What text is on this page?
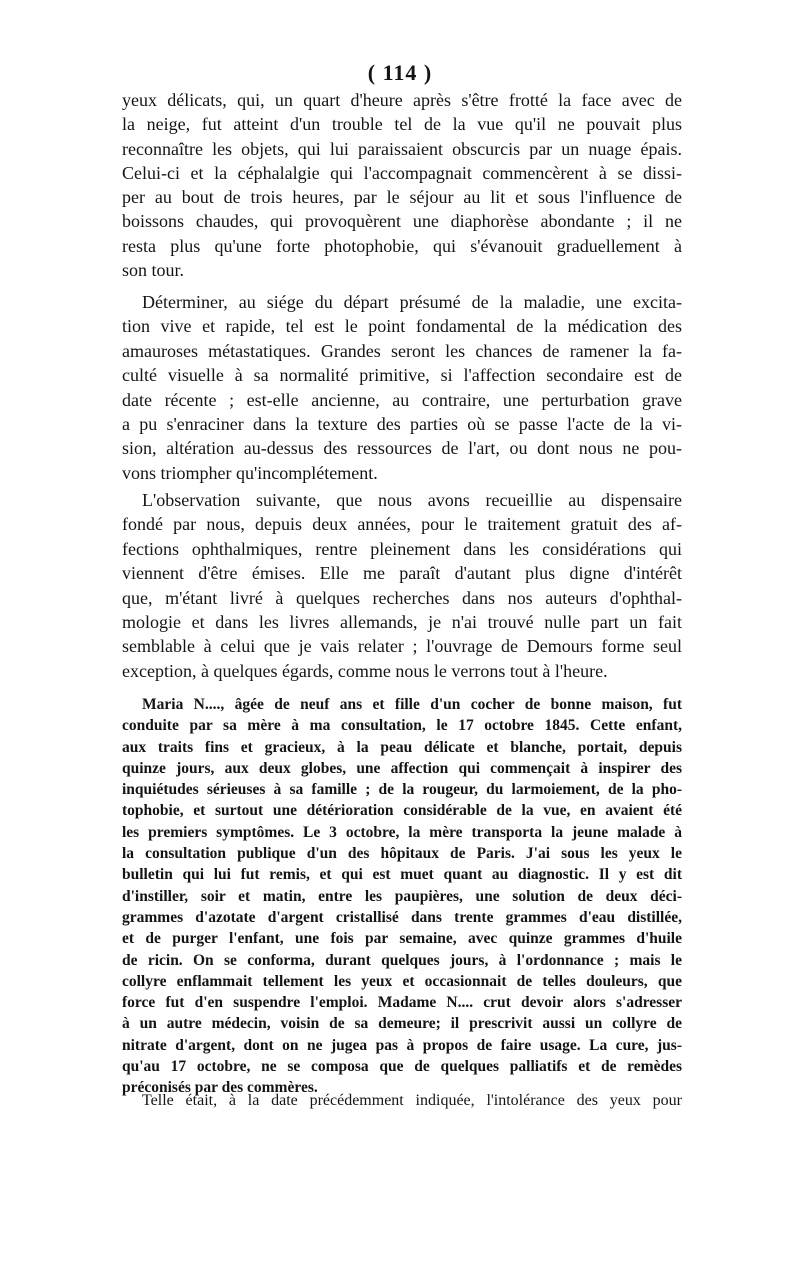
( 114 )
yeux délicats, qui, un quart d'heure après s'être frotté la face avec de
la neige, fut atteint d'un trouble tel de la vue qu'il ne pouvait plus
reconnaître les objets, qui lui paraissaient obscurcis par un nuage épais.
Celui-ci et la céphalalgie qui l'accompagnait commencèrent à se dissi-
per au bout de trois heures, par le séjour au lit et sous l'influence de
boissons chaudes, qui provoquèrent une diaphorèse abondante ; il ne
resta plus qu'une forte photophobie, qui s'évanouit graduellement à
son tour.
Déterminer, au siége du départ présumé de la maladie, une excita-
tion vive et rapide, tel est le point fondamental de la médication des
amauroses métastatiques. Grandes seront les chances de ramener la fa-
culté visuelle à sa normalité primitive, si l'affection secondaire est de
date récente ; est-elle ancienne, au contraire, une perturbation grave
a pu s'enraciner dans la texture des parties où se passe l'acte de la vi-
sion, altération au-dessus des ressources de l'art, ou dont nous ne pou-
vons triompher qu'incomplétement.
L'observation suivante, que nous avons recueillie au dispensaire
fondé par nous, depuis deux années, pour le traitement gratuit des af-
fections ophthalmiques, rentre pleinement dans les considérations qui
viennent d'être émises. Elle me paraît d'autant plus digne d'intérêt
que, m'étant livré à quelques recherches dans nos auteurs d'ophthal-
mologie et dans les livres allemands, je n'ai trouvé nulle part un fait
semblable à celui que je vais relater ; l'ouvrage de Demours forme seul
exception, à quelques égards, comme nous le verrons tout à l'heure.
Maria N...., âgée de neuf ans et fille d'un cocher de bonne maison, fut
conduite par sa mère à ma consultation, le 17 octobre 1845. Cette enfant,
aux traits fins et gracieux, à la peau délicate et blanche, portait, depuis
quinze jours, aux deux globes, une affection qui commençait à inspirer des
inquiétudes sérieuses à sa famille ; de la rougeur, du larmoiement, de la pho-
tophobie, et surtout une détérioration considérable de la vue, en avaient été
les premiers symptômes. Le 3 octobre, la mère transporta la jeune malade à
la consultation publique d'un des hôpitaux de Paris. J'ai sous les yeux le
bulletin qui lui fut remis, et qui est muet quant au diagnostic. Il y est dit
d'instiller, soir et matin, entre les paupières, une solution de deux déci-
grammes d'azotate d'argent cristallisé dans trente grammes d'eau distillée,
et de purger l'enfant, une fois par semaine, avec quinze grammes d'huile
de ricin. On se conforma, durant quelques jours, à l'ordonnance ; mais le
collyre enflammait tellement les yeux et occasionnait de telles douleurs, que
force fut d'en suspendre l'emploi. Madame N.... crut devoir alors s'adresser
à un autre médecin, voisin de sa demeure; il prescrivit aussi un collyre de
nitrate d'argent, dont on ne jugea pas à propos de faire usage. La cure, jus-
qu'au 17 octobre, ne se composa que de quelques palliatifs et de remèdes
préconisés par des commères.
Telle était, à la date précédemment indiquée, l'intolérance des yeux pour
